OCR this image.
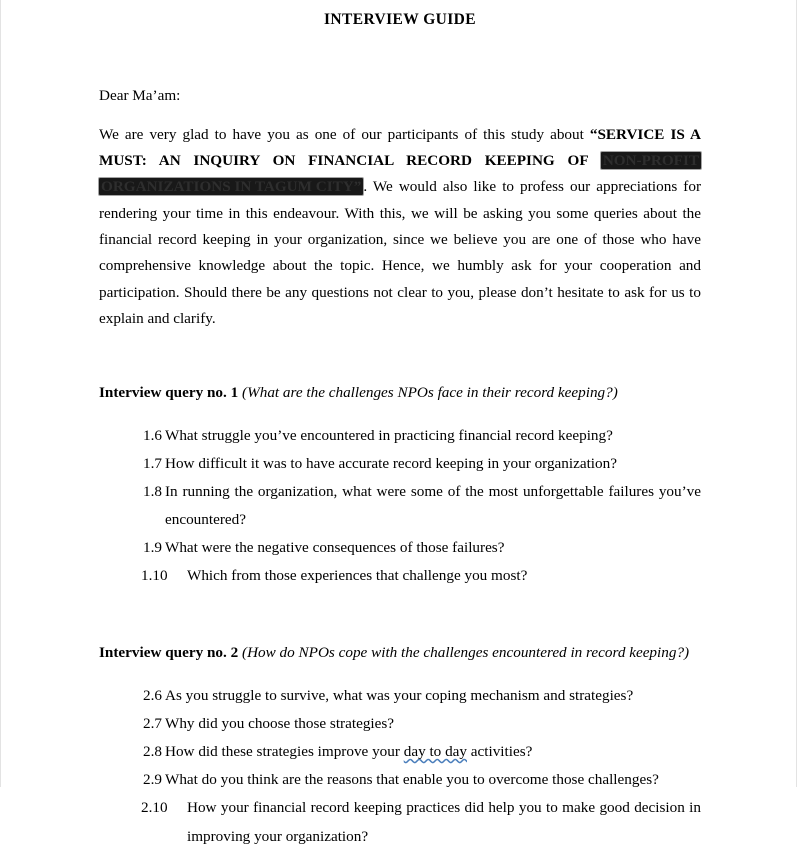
INTERVIEW GUIDE

Dear Ma’am:

We are very glad to have you as one of our participants of this study about “SERVICE IS A MUST: AN INQUIRY ON FINANCIAL RECORD KEEPING OF NON-PROFITORGANIZATIONS IN TAGUM CITY” . We would also like to profess our appreciations for rendering your time in this endeavour. With this, we will be asking you some queries about the financial record keeping in your organization, since we believe you are one of those who have comprehensive knowledge about the topic. Hence, we humbly ask for your cooperation and participation. Should there be any questions not clear to you, please don’t hesitate to ask for us to explain and clarify.

Interview query no. 1 (What are the challenges NPOs face in their record keeping?)

1.6 What struggle you’ve encountered in practicing financial record keeping?
1.7 How difficult it was to have accurate record keeping in your organization?
1.8 In running the organization, what were some of the most unforgettable failures you’ve encountered?
1.9 What were the negative consequences of those failures?
1.10 Which from those experiences that challenge you most?

Interview query no. 2 (How do NPOs cope with the challenges encountered in record keeping?)

2.6 As you struggle to survive, what was your coping mechanism and strategies?
2.7 Why did you choose those strategies?
2.8 How did these strategies improve your day to day activities?
2.9 What do you think are the reasons that enable you to overcome those challenges?
2.10 How your financial record keeping practices did help you to make good decision in improving your organization?
